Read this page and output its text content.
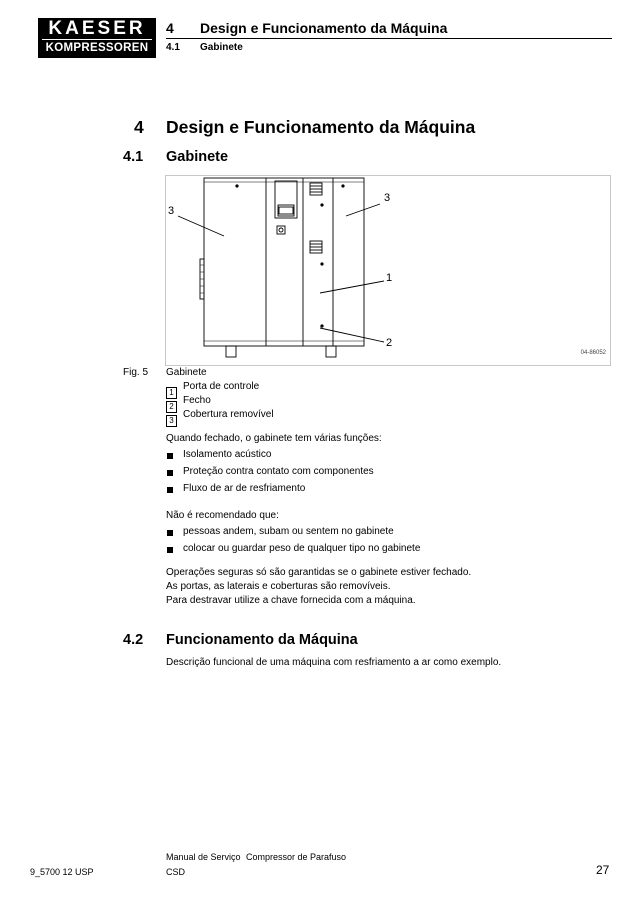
KAESER
KOMPRESSOREN
4 Design e Funcionamento da Máquina
4.1 Gabinete
4 Design e Funcionamento da Máquina
4.1 Gabinete
3
3
1
2
04-86052
Fig. 5 Gabinete
1
Porta de controle
2
Fecho
3
Cobertura removível
Quando fechado, o gabinete tem várias funções:
Isolamento acústico
Proteção contra contato com componentes
Fluxo de ar de resfriamento
Não é recomendado que:
pessoas andem, subam ou sentem no gabinete
colocar ou guardar peso de qualquer tipo no gabinete
Operações seguras só são garantidas se o gabinete estiver fechado.
As portas, as laterais e coberturas são removíveis.
Para destravar utilize a chave fornecida com a máquina.
4.2 Funcionamento da Máquina
Descrição funcional de uma máquina com resfriamento a ar como exemplo.
Manual de Serviço Compressor de Parafuso
CSD
9_5700 12 USP	27
